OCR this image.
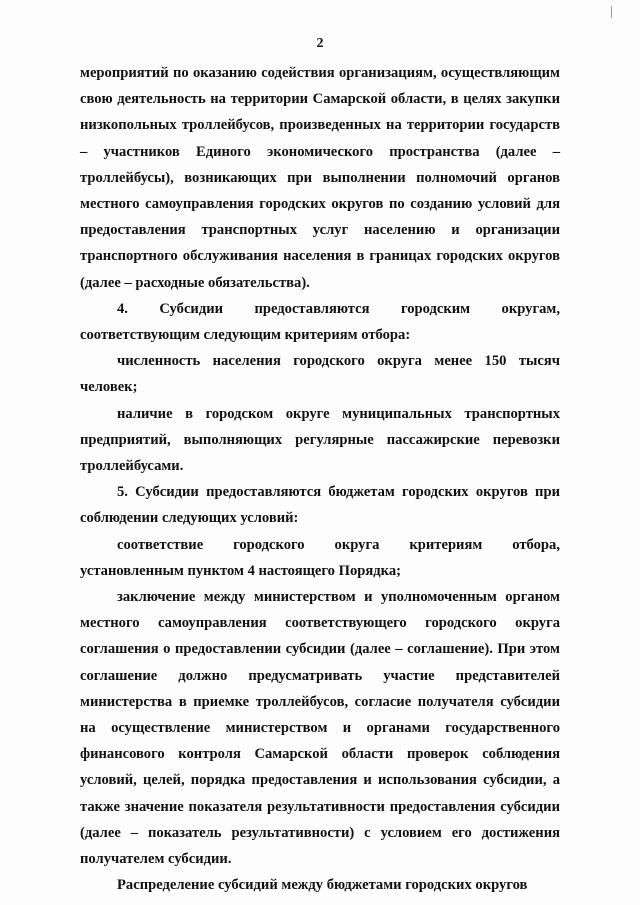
2

мероприятий по оказанию содействия организациям, осуществляющим свою деятельность на территории Самарской области, в целях закупки низкопольных троллейбусов, произведенных на территории государств – участников Единого экономического пространства (далее – троллейбусы), возникающих при выполнении полномочий органов местного самоуправления городских округов по созданию условий для предоставления транспортных услуг населению и организации транспортного обслуживания населения в границах городских округов (далее – расходные обязательства).

4. Субсидии предоставляются городским округам, соответствующим следующим критериям отбора:

численность населения городского округа менее 150 тысяч человек;

наличие в городском округе муниципальных транспортных предприятий, выполняющих регулярные пассажирские перевозки троллейбусами.

5. Субсидии предоставляются бюджетам городских округов при соблюдении следующих условий:

соответствие городского округа критериям отбора, установленным пунктом 4 настоящего Порядка;

заключение между министерством и уполномоченным органом местного самоуправления соответствующего городского округа соглашения о предоставлении субсидии (далее – соглашение). При этом соглашение должно предусматривать участие представителей министерства в приемке троллейбусов, согласие получателя субсидии на осуществление министерством и органами государственного финансового контроля Самарской области проверок соблюдения условий, целей, порядка предоставления и использования субсидии, а также значение показателя результативности предоставления субсидии (далее – показатель результативности) с условием его достижения получателем субсидии.

Распределение субсидий между бюджетами городских округов
